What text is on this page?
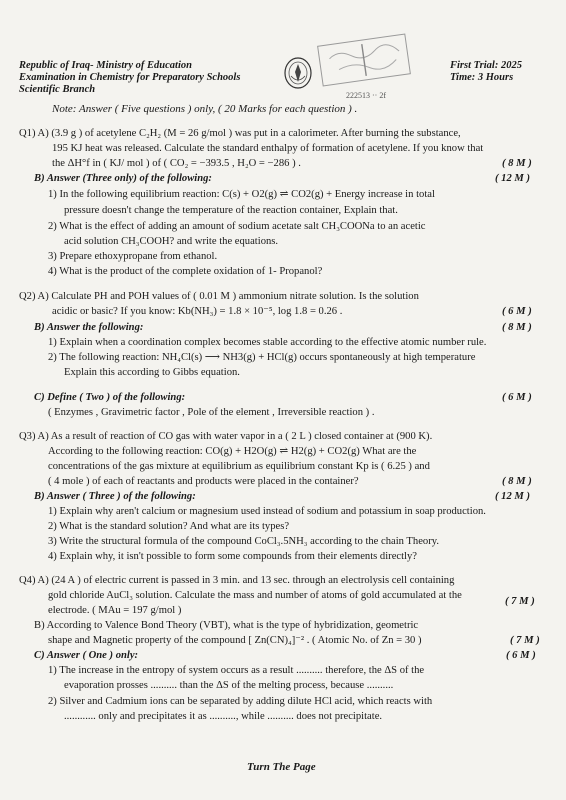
Republic of Iraq- Ministry of Education
Examination in Chemistry for Preparatory Schools
Scientific Branch
First Trial: 2025
Time: 3 Hours
222513 ·· 2f
Note: Answer ( Five questions ) only, ( 20 Marks for each question ) .
Q1) A) (3.9 g ) of acetylene C₂H₂ (M = 26 g/mol ) was put in a calorimeter. After burning the substance,
195 KJ heat was released. Calculate the standard enthalpy of formation of acetylene. If you know that
the ΔH°f in ( KJ/ mol ) of ( CO₂ = −393.5 , H₂O = −286 ) .	( 8 M )
B) Answer (Three only) of the following:	( 12 M )
1) In the following equilibrium reaction: C(s) + O2(g) ⇌ CO2(g) + Energy increase in total
pressure doesn't change the temperature of the reaction container, Explain that.
2) What is the effect of adding an amount of sodium acetate salt CH₃COONa to an acetic
acid solution CH₃COOH? and write the equations.
3) Prepare ethoxypropane from ethanol.
4) What is the product of the complete oxidation of 1- Propanol?
Q2) A) Calculate PH and POH values of ( 0.01 M ) ammonium nitrate solution. Is the solution
acidic or basic? If you know: Kb(NH₃) = 1.8 × 10⁻⁵, log 1.8 = 0.26 .	( 6 M )
B) Answer the following:	( 8 M )
1) Explain when a coordination complex becomes stable according to the effective atomic number rule.
2) The following reaction: NH₄Cl(s) ⟶ NH3(g) + HCl(g) occurs spontaneously at high temperature
Explain this according to Gibbs equation.
C) Define ( Two ) of the following:	( 6 M )
( Enzymes , Gravimetric factor , Pole of the element , Irreversible reaction ) .
Q3) A) As a result of reaction of CO gas with water vapor in a ( 2 L ) closed container at (900 K).
According to the following reaction: CO(g) + H2O(g) ⇌ H2(g) + CO2(g) What are the
concentrations of the gas mixture at equilibrium as equilibrium constant Kp is ( 6.25 ) and
( 4 mole ) of each of reactants and products were placed in the container?	( 8 M )
B) Answer ( Three ) of the following:	( 12 M )
1) Explain why aren't calcium or magnesium used instead of sodium and potassium in soap production.
2) What is the standard solution? And what are its types?
3) Write the structural formula of the compound CoCl₃.5NH₃ according to the chain Theory.
4) Explain why, it isn't possible to form some compounds from their elements directly?
Q4) A) (24 A ) of electric current is passed in 3 min. and 13 sec. through an electrolysis cell containing
gold chloride AuCl₃ solution. Calculate the mass and number of atoms of gold accumulated at the
electrode. ( MAu = 197 g/mol )
( 7 M )
B) According to Valence Bond Theory (VBT), what is the type of hybridization, geometric
shape and Magnetic property of the compound [ Zn(CN)₄]⁻² . ( Atomic No. of Zn = 30 )	( 7 M )
C) Answer ( One ) only:	( 6 M )
1) The increase in the entropy of system occurs as a result .......... therefore, the ΔS of the
evaporation prosses .......... than the ΔS of the melting process, because ..........
2) Silver and Cadmium ions can be separated by adding dilute HCl acid, which reacts with
............ only and precipitates it as .........., while .......... does not precipitate.
Turn The Page
